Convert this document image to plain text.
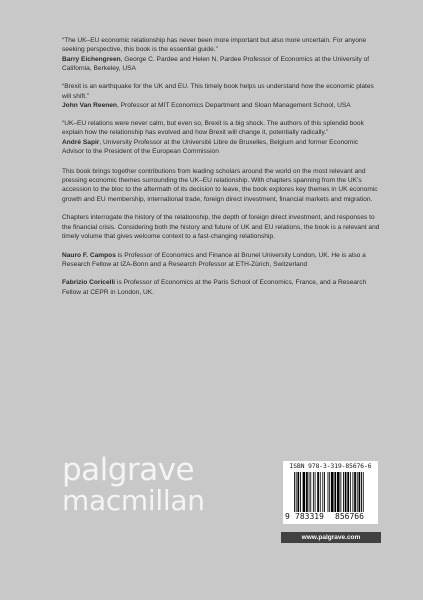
“The UK–EU economic relationship has never been more important but also more uncertain. For anyone seeking perspective, this book is the essential guide.”
Barry Eichengreen, George C. Pardee and Helen N. Pardee Professor of Economics at the University of California, Berkeley, USA

“Brexit is an earthquake for the UK and EU. This timely book helps us understand how the economic plates will shift.”
John Van Reenen, Professor at MIT Economics Department and Sloan Management School, USA

“UK–EU relations were never calm, but even so, Brexit is a big shock. The authors of this splendid book explain how the relationship has evolved and how Brexit will change it, potentially radically.”
André Sapir, University Professor at the Université Libre de Bruxelles, Belgium and former Economic Advisor to the President of the European Commission

This book brings together contributions from leading scholars around the world on the most relevant and pressing economic themes surrounding the UK–EU relationship. With chapters spanning from the UK’s accession to the bloc to the aftermath of its decision to leave, the book explores key themes in UK economic growth and EU membership, international trade, foreign direct investment, financial markets and migration.

Chapters interrogate the history of the relationship, the depth of foreign direct investment, and responses to the financial crisis. Considering both the history and future of UK and EU relations, the book is a relevant and timely volume that gives welcome context to a fast-changing relationship.

Nauro F. Campos is Professor of Economics and Finance at Brunel University London, UK. He is also a Research Fellow at IZA-Bonn and a Research Professor at ETH-Zürich, Switzerland

Fabrizio Coricelli is Professor of Economics at the Paris School of Economics, France, and a Research Fellow at CEPR in London, UK.

palgrave
macmillan
ISBN 978-3-319-85676-6
9 783319 856766
www.palgrave.com
